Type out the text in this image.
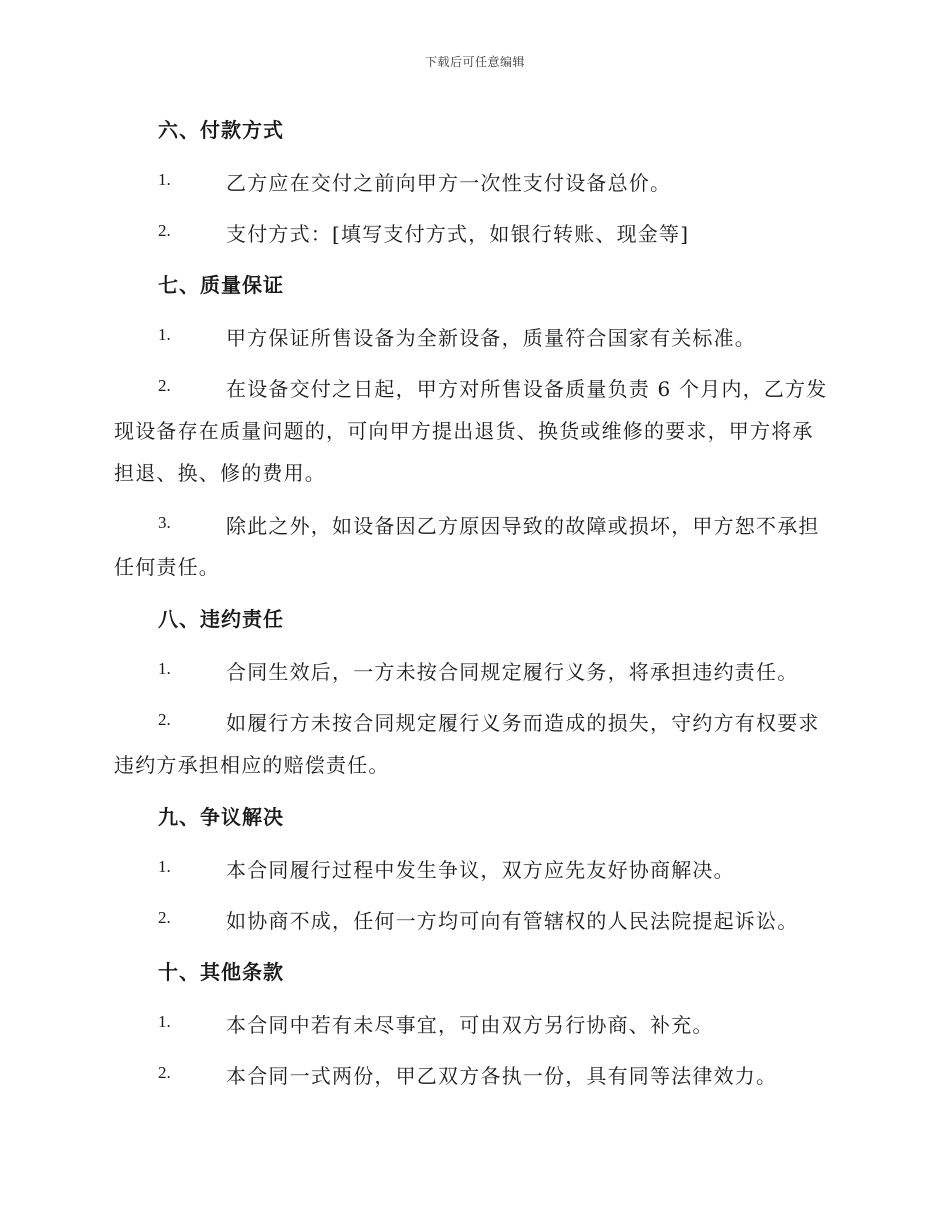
下载后可任意编辑
六、付款方式
1.	乙方应在交付之前向甲方一次性支付设备总价。
2.	支付方式：[填写支付方式，如银行转账、现金等]
七、质量保证
1.	甲方保证所售设备为全新设备，质量符合国家有关标准。
2.	在设备交付之日起，甲方对所售设备质量负责 6 个月内，乙方发
现设备存在质量问题的，可向甲方提出退货、换货或维修的要求，甲方将承
担退、换、修的费用。
3.	除此之外，如设备因乙方原因导致的故障或损坏，甲方恕不承担
任何责任。
八、违约责任
1.	合同生效后，一方未按合同规定履行义务，将承担违约责任。
2.	如履行方未按合同规定履行义务而造成的损失，守约方有权要求
违约方承担相应的赔偿责任。
九、争议解决
1.	本合同履行过程中发生争议，双方应先友好协商解决。
2.	如协商不成，任何一方均可向有管辖权的人民法院提起诉讼。
十、其他条款
1.	本合同中若有未尽事宜，可由双方另行协商、补充。
2.	本合同一式两份，甲乙双方各执一份，具有同等法律效力。
